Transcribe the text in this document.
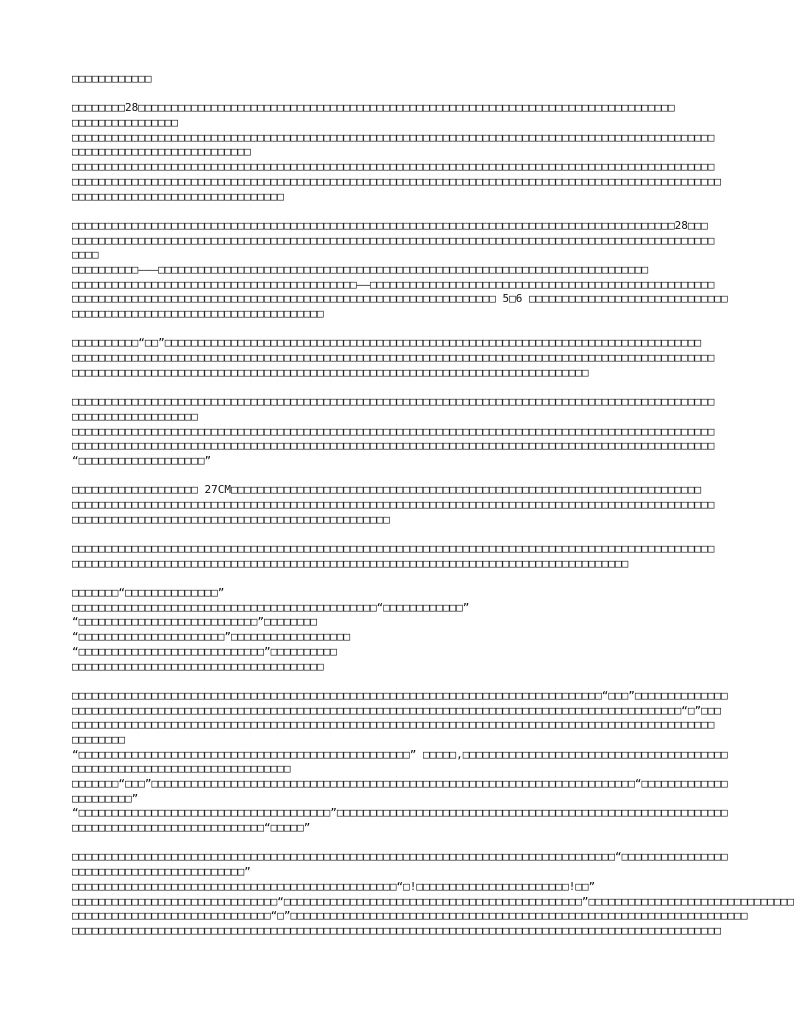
□□□□□□□□□□□□
□□□□□□□□28□□□□□□□□□□□□□□□□□□□□□□□□□□□□□□□□□□□□□□□□□□□□□□□□□□□□□□□□□□□□□□□□□□□□□□□□□□□□□□□□□
□□□□□□□□□□□□□□□□
□□□□□□□□□□□□□□□□□□□□□□□□□□□□□□□□□□□□□□□□□□□□□□□□□□□□□□□□□□□□□□□□□□□□□□□□□□□□□□□□□□□□□□□□□□□□□□□□□
□□□□□□□□□□□□□□□□□□□□□□□□□□□
□□□□□□□□□□□□□□□□□□□□□□□□□□□□□□□□□□□□□□□□□□□□□□□□□□□□□□□□□□□□□□□□□□□□□□□□□□□□□□□□□□□□□□□□□□□□□□□□□
□□□□□□□□□□□□□□□□□□□□□□□□□□□□□□□□□□□□□□□□□□□□□□□□□□□□□□□□□□□□□□□□□□□□□□□□□□□□□□□□□□□□□□□□□□□□□□□□□□
□□□□□□□□□□□□□□□□□□□□□□□□□□□□□□□□
□□□□□□□□□□□□□□□□□□□□□□□□□□□□□□□□□□□□□□□□□□□□□□□□□□□□□□□□□□□□□□□□□□□□□□□□□□□□□□□□□□□□□□□□□□□28□□□
□□□□□□□□□□□□□□□□□□□□□□□□□□□□□□□□□□□□□□□□□□□□□□□□□□□□□□□□□□□□□□□□□□□□□□□□□□□□□□□□□□□□□□□□□□□□□□□□□
□□□□
□□□□□□□□□□———□□□□□□□□□□□□□□□□□□□□□□□□□□□□□□□□□□□□□□□□□□□□□□□□□□□□□□□□□□□□□□□□□□□□□□□□□□
□□□□□□□□□□□□□□□□□□□□□□□□□□□□□□□□□□□□□□□□□□□——□□□□□□□□□□□□□□□□□□□□□□□□□□□□□□□□□□□□□□□□□□□□□□□□□□□□
□□□□□□□□□□□□□□□□□□□□□□□□□□□□□□□□□□□□□□□□□□□□□□□□□□□□□□□□□□□□□□□□ 5□6 □□□□□□□□□□□□□□□□□□□□□□□□□□□□□□
□□□□□□□□□□□□□□□□□□□□□□□□□□□□□□□□□□□□□□
□□□□□□□□□□“□□”□□□□□□□□□□□□□□□□□□□□□□□□□□□□□□□□□□□□□□□□□□□□□□□□□□□□□□□□□□□□□□□□□□□□□□□□□□□□□□□□□
□□□□□□□□□□□□□□□□□□□□□□□□□□□□□□□□□□□□□□□□□□□□□□□□□□□□□□□□□□□□□□□□□□□□□□□□□□□□□□□□□□□□□□□□□□□□□□□□□
□□□□□□□□□□□□□□□□□□□□□□□□□□□□□□□□□□□□□□□□□□□□□□□□□□□□□□□□□□□□□□□□□□□□□□□□□□□□□□
□□□□□□□□□□□□□□□□□□□□□□□□□□□□□□□□□□□□□□□□□□□□□□□□□□□□□□□□□□□□□□□□□□□□□□□□□□□□□□□□□□□□□□□□□□□□□□□□□
□□□□□□□□□□□□□□□□□□□
□□□□□□□□□□□□□□□□□□□□□□□□□□□□□□□□□□□□□□□□□□□□□□□□□□□□□□□□□□□□□□□□□□□□□□□□□□□□□□□□□□□□□□□□□□□□□□□□□
□□□□□□□□□□□□□□□□□□□□□□□□□□□□□□□□□□□□□□□□□□□□□□□□□□□□□□□□□□□□□□□□□□□□□□□□□□□□□□□□□□□□□□□□□□□□□□□□□
“□□□□□□□□□□□□□□□□□□□”
□□□□□□□□□□□□□□□□□□□ 27CM□□□□□□□□□□□□□□□□□□□□□□□□□□□□□□□□□□□□□□□□□□□□□□□□□□□□□□□□□□□□□□□□□□□□□□□
□□□□□□□□□□□□□□□□□□□□□□□□□□□□□□□□□□□□□□□□□□□□□□□□□□□□□□□□□□□□□□□□□□□□□□□□□□□□□□□□□□□□□□□□□□□□□□□□□
□□□□□□□□□□□□□□□□□□□□□□□□□□□□□□□□□□□□□□□□□□□□□□□□
□□□□□□□□□□□□□□□□□□□□□□□□□□□□□□□□□□□□□□□□□□□□□□□□□□□□□□□□□□□□□□□□□□□□□□□□□□□□□□□□□□□□□□□□□□□□□□□□□
□□□□□□□□□□□□□□□□□□□□□□□□□□□□□□□□□□□□□□□□□□□□□□□□□□□□□□□□□□□□□□□□□□□□□□□□□□□□□□□□□□□□
□□□□□□□“□□□□□□□□□□□□□□”
□□□□□□□□□□□□□□□□□□□□□□□□□□□□□□□□□□□□□□□□□□□□□□“□□□□□□□□□□□□”
“□□□□□□□□□□□□□□□□□□□□□□□□□□□”□□□□□□□□
“□□□□□□□□□□□□□□□□□□□□□□”□□□□□□□□□□□□□□□□□□
“□□□□□□□□□□□□□□□□□□□□□□□□□□□□”□□□□□□□□□□
□□□□□□□□□□□□□□□□□□□□□□□□□□□□□□□□□□□□□□
□□□□□□□□□□□□□□□□□□□□□□□□□□□□□□□□□□□□□□□□□□□□□□□□□□□□□□□□□□□□□□□□□□□□□□□□□□□□□□□□“□□□”□□□□□□□□□□□□□□
□□□□□□□□□□□□□□□□□□□□□□□□□□□□□□□□□□□□□□□□□□□□□□□□□□□□□□□□□□□□□□□□□□□□□□□□□□□□□□□□□□□□□□□□□□□□“□”□□□
□□□□□□□□□□□□□□□□□□□□□□□□□□□□□□□□□□□□□□□□□□□□□□□□□□□□□□□□□□□□□□□□□□□□□□□□□□□□□□□□□□□□□□□□□□□□□□□□□
□□□□□□□□
“□□□□□□□□□□□□□□□□□□□□□□□□□□□□□□□□□□□□□□□□□□□□□□□□□□” □□□□□,□□□□□□□□□□□□□□□□□□□□□□□□□□□□□□□□□□□□□□□□
□□□□□□□□□□□□□□□□□□□□□□□□□□□□□□□□□
□□□□□□□“□□□”□□□□□□□□□□□□□□□□□□□□□□□□□□□□□□□□□□□□□□□□□□□□□□□□□□□□□□□□□□□□□□□□□□□□□□□□□“□□□□□□□□□□□□□
□□□□□□□□□”
“□□□□□□□□□□□□□□□□□□□□□□□□□□□□□□□□□□□□□□”□□□□□□□□□□□□□□□□□□□□□□□□□□□□□□□□□□□□□□□□□□□□□□□□□□□□□□□□□□□
□□□□□□□□□□□□□□□□□□□□□□□□□□□□□“□□□□□”
□□□□□□□□□□□□□□□□□□□□□□□□□□□□□□□□□□□□□□□□□□□□□□□□□□□□□□□□□□□□□□□□□□□□□□□□□□□□□□□□□□“□□□□□□□□□□□□□□□□
□□□□□□□□□□□□□□□□□□□□□□□□□□”
□□□□□□□□□□□□□□□□□□□□□□□□□□□□□□□□□□□□□□□□□□□□□□□□□“□!□□□□□□□□□□□□□□□□□□□□□□□!□□”
□□□□□□□□□□□□□□□□□□□□□□□□□□□□□□□“□□□□□□□□□□□□□□□□□□□□□□□□□□□□□□□□□□□□□□□□□□□□□”□□□□□□□□□□□□□□□□□□□□□□□□□□□□□□□
□□□□□□□□□□□□□□□□□□□□□□□□□□□□□□“□”□□□□□□□□□□□□□□□□□□□□□□□□□□□□□□□□□□□□□□□□□□□□□□□□□□□□□□□□□□□□□□□□□□□□□
□□□□□□□□□□□□□□□□□□□□□□□□□□□□□□□□□□□□□□□□□□□□□□□□□□□□□□□□□□□□□□□□□□□□□□□□□□□□□□□□□□□□□□□□□□□□□□□□□□
